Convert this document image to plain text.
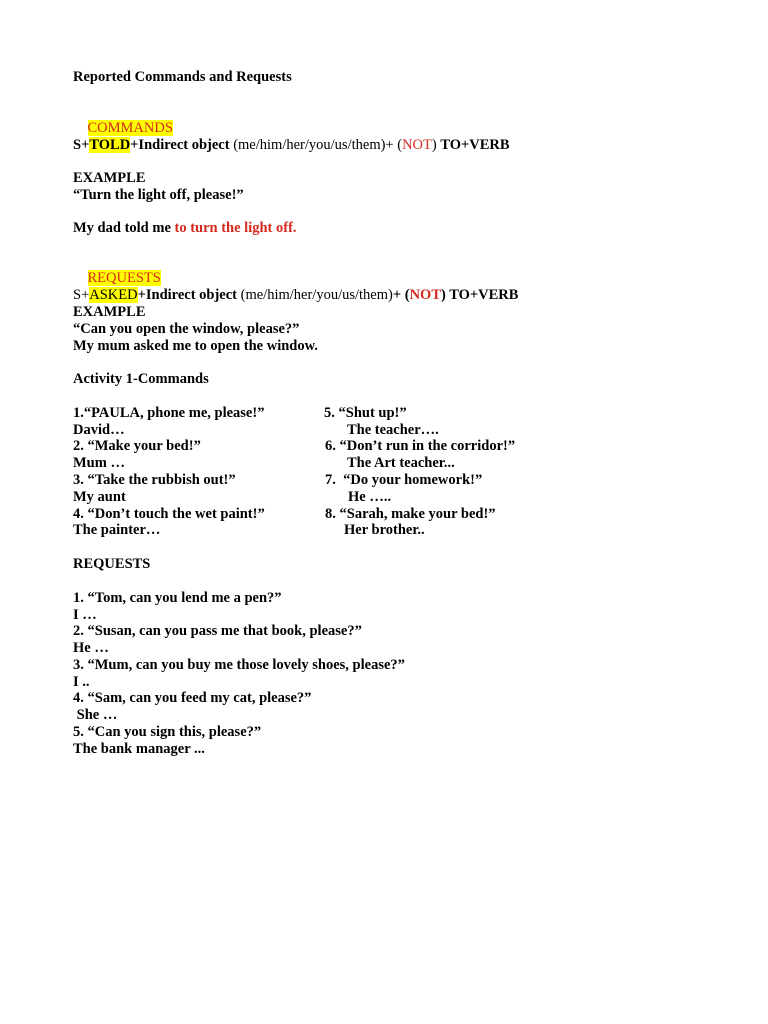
Reported Commands and Requests

COMMANDS

S+TOLD+Indirect object (me/him/her/you/us/them)+ (NOT) TO+VERB
EXAMPLE
“Turn the light off, please!”
My dad told me to turn the light off.

REQUESTS

S+ASKED+Indirect object (me/him/her/you/us/them)+ (NOT) TO+VERB
EXAMPLE
“Can you open the window, please?”
My mum asked me to open the window.
Activity 1-Commands
1.“PAULA, phone me, please!”
David…
2. “Make your bed!”
Mum …
3. “Take the rubbish out!”
My aunt
4. “Don’t touch the wet paint!”
The painter…
5. “Shut up!”
The teacher….
6. “Don’t run in the corridor!”
The Art teacher...
7.  “Do your homework!”
He …..
8. “Sarah, make your bed!”
Her brother..
REQUESTS
1. “Tom, can you lend me a pen?”
I …
2. “Susan, can you pass me that book, please?”
He …
3. “Mum, can you buy me those lovely shoes, please?”
I ..
4. “Sam, can you feed my cat, please?”
She …
5. “Can you sign this, please?”
The bank manager ...
